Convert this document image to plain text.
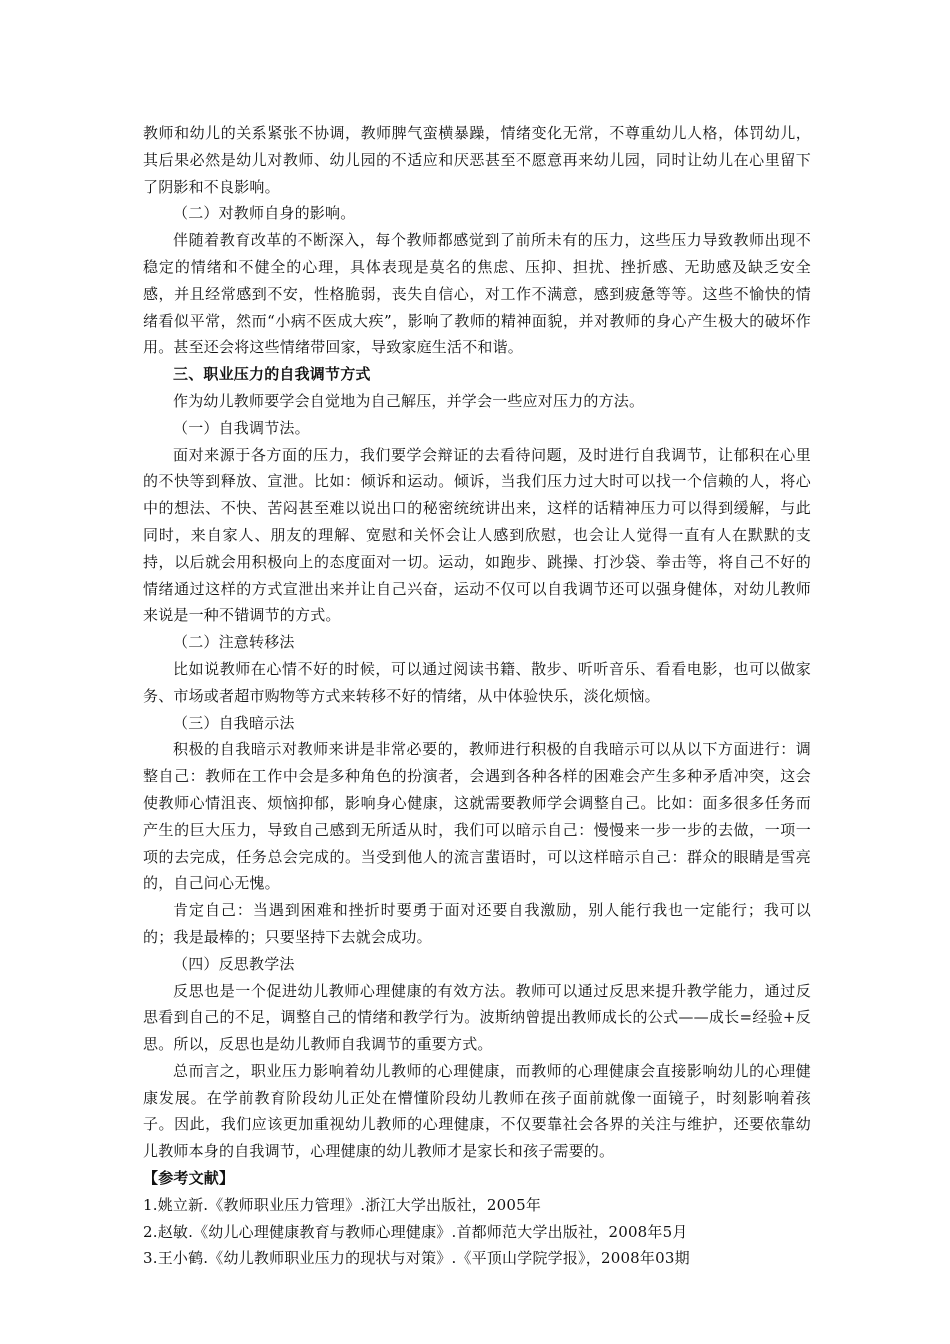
教师和幼儿的关系紧张不协调，教师脾气蛮横暴躁，情绪变化无常，不尊重幼儿人格，体罚幼儿，其后果必然是幼儿对教师、幼儿园的不适应和厌恶甚至不愿意再来幼儿园，同时让幼儿在心里留下了阴影和不良影响。

（二）对教师自身的影响。

伴随着教育改革的不断深入，每个教师都感觉到了前所未有的压力，这些压力导致教师出现不稳定的情绪和不健全的心理，具体表现是莫名的焦虑、压抑、担扰、挫折感、无助感及缺乏安全感，并且经常感到不安，性格脆弱，丧失自信心，对工作不满意，感到疲惫等等。这些不愉快的情绪看似平常，然而“小病不医成大疾”，影响了教师的精神面貌，并对教师的身心产生极大的破坏作用。甚至还会将这些情绪带回家，导致家庭生活不和谐。

三、职业压力的自我调节方式

作为幼儿教师要学会自觉地为自己解压，并学会一些应对压力的方法。

（一）自我调节法。

面对来源于各方面的压力，我们要学会辩证的去看待问题，及时进行自我调节，让郁积在心里的不快等到释放、宣泄。比如：倾诉和运动。倾诉，当我们压力过大时可以找一个信赖的人，将心中的想法、不快、苦闷甚至难以说出口的秘密统统讲出来，这样的话精神压力可以得到缓解，与此同时，来自家人、朋友的理解、宽慰和关怀会让人感到欣慰，也会让人觉得一直有人在默默的支持，以后就会用积极向上的态度面对一切。运动，如跑步、跳操、打沙袋、拳击等，将自己不好的情绪通过这样的方式宣泄出来并让自己兴奋，运动不仅可以自我调节还可以强身健体，对幼儿教师来说是一种不错调节的方式。

（二）注意转移法

比如说教师在心情不好的时候，可以通过阅读书籍、散步、听听音乐、看看电影，也可以做家务、市场或者超市购物等方式来转移不好的情绪，从中体验快乐，淡化烦恼。

（三）自我暗示法

积极的自我暗示对教师来讲是非常必要的，教师进行积极的自我暗示可以从以下方面进行：调整自己：教师在工作中会是多种角色的扮演者，会遇到各种各样的困难会产生多种矛盾冲突，这会使教师心情沮丧、烦恼抑郁，影响身心健康，这就需要教师学会调整自己。比如：面多很多任务而产生的巨大压力，导致自己感到无所适从时，我们可以暗示自己：慢慢来一步一步的去做，一项一项的去完成，任务总会完成的。当受到他人的流言蜚语时，可以这样暗示自己：群众的眼睛是雪亮的，自己问心无愧。

肯定自己：当遇到困难和挫折时要勇于面对还要自我激励，别人能行我也一定能行；我可以的；我是最棒的；只要坚持下去就会成功。

（四）反思教学法

反思也是一个促进幼儿教师心理健康的有效方法。教师可以通过反思来提升教学能力，通过反思看到自己的不足，调整自己的情绪和教学行为。波斯纳曾提出教师成长的公式——成长=经验+反思。所以，反思也是幼儿教师自我调节的重要方式。

总而言之，职业压力影响着幼儿教师的心理健康，而教师的心理健康会直接影响幼儿的心理健康发展。在学前教育阶段幼儿正处在懵懂阶段幼儿教师在孩子面前就像一面镜子，时刻影响着孩子。因此，我们应该更加重视幼儿教师的心理健康，不仅要靠社会各界的关注与维护，还要依靠幼儿教师本身的自我调节，心理健康的幼儿教师才是家长和孩子需要的。

【参考文献】

1.姚立新.《教师职业压力管理》.浙江大学出版社，2005年

2.赵敏.《幼儿心理健康教育与教师心理健康》.首都师范大学出版社，2008年5月

3.王小鹤.《幼儿教师职业压力的现状与对策》.《平顶山学院学报》，2008年03期
